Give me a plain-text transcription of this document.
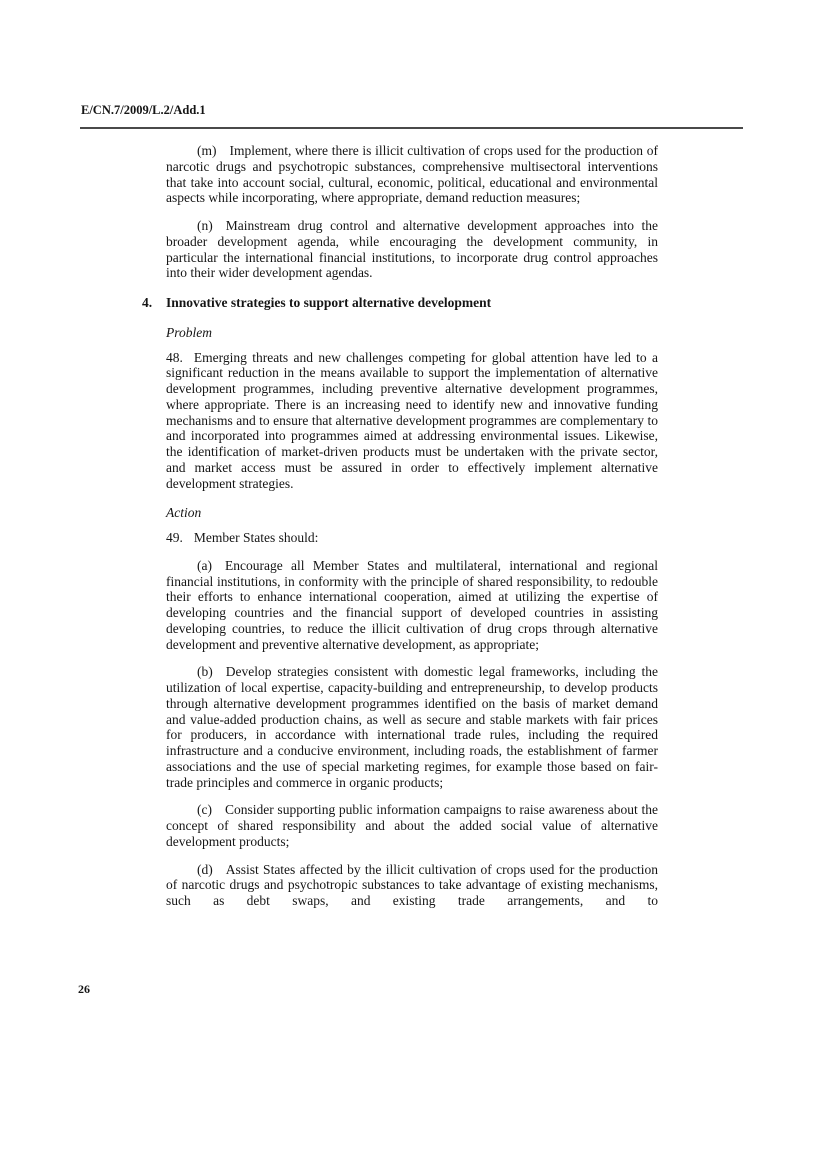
E/CN.7/2009/L.2/Add.1

(m) Implement, where there is illicit cultivation of crops used for the production of narcotic drugs and psychotropic substances, comprehensive multisectoral interventions that take into account social, cultural, economic, political, educational and environmental aspects while incorporating, where appropriate, demand reduction measures;

(n) Mainstream drug control and alternative development approaches into the broader development agenda, while encouraging the development community, in particular the international financial institutions, to incorporate drug control approaches into their wider development agendas.

4. Innovative strategies to support alternative development

Problem

48. Emerging threats and new challenges competing for global attention have led to a significant reduction in the means available to support the implementation of alternative development programmes, including preventive alternative development programmes, where appropriate. There is an increasing need to identify new and innovative funding mechanisms and to ensure that alternative development programmes are complementary to and incorporated into programmes aimed at addressing environmental issues. Likewise, the identification of market-driven products must be undertaken with the private sector, and market access must be assured in order to effectively implement alternative development strategies.

Action

49. Member States should:

(a) Encourage all Member States and multilateral, international and regional financial institutions, in conformity with the principle of shared responsibility, to redouble their efforts to enhance international cooperation, aimed at utilizing the expertise of developing countries and the financial support of developed countries in assisting developing countries, to reduce the illicit cultivation of drug crops through alternative development and preventive alternative development, as appropriate;

(b) Develop strategies consistent with domestic legal frameworks, including the utilization of local expertise, capacity-building and entrepreneurship, to develop products through alternative development programmes identified on the basis of market demand and value-added production chains, as well as secure and stable markets with fair prices for producers, in accordance with international trade rules, including the required infrastructure and a conducive environment, including roads, the establishment of farmer associations and the use of special marketing regimes, for example those based on fair-trade principles and commerce in organic products;

(c) Consider supporting public information campaigns to raise awareness about the concept of shared responsibility and about the added social value of alternative development products;

(d) Assist States affected by the illicit cultivation of crops used for the production of narcotic drugs and psychotropic substances to take advantage of existing mechanisms, such as debt swaps, and existing trade arrangements, and to

26
